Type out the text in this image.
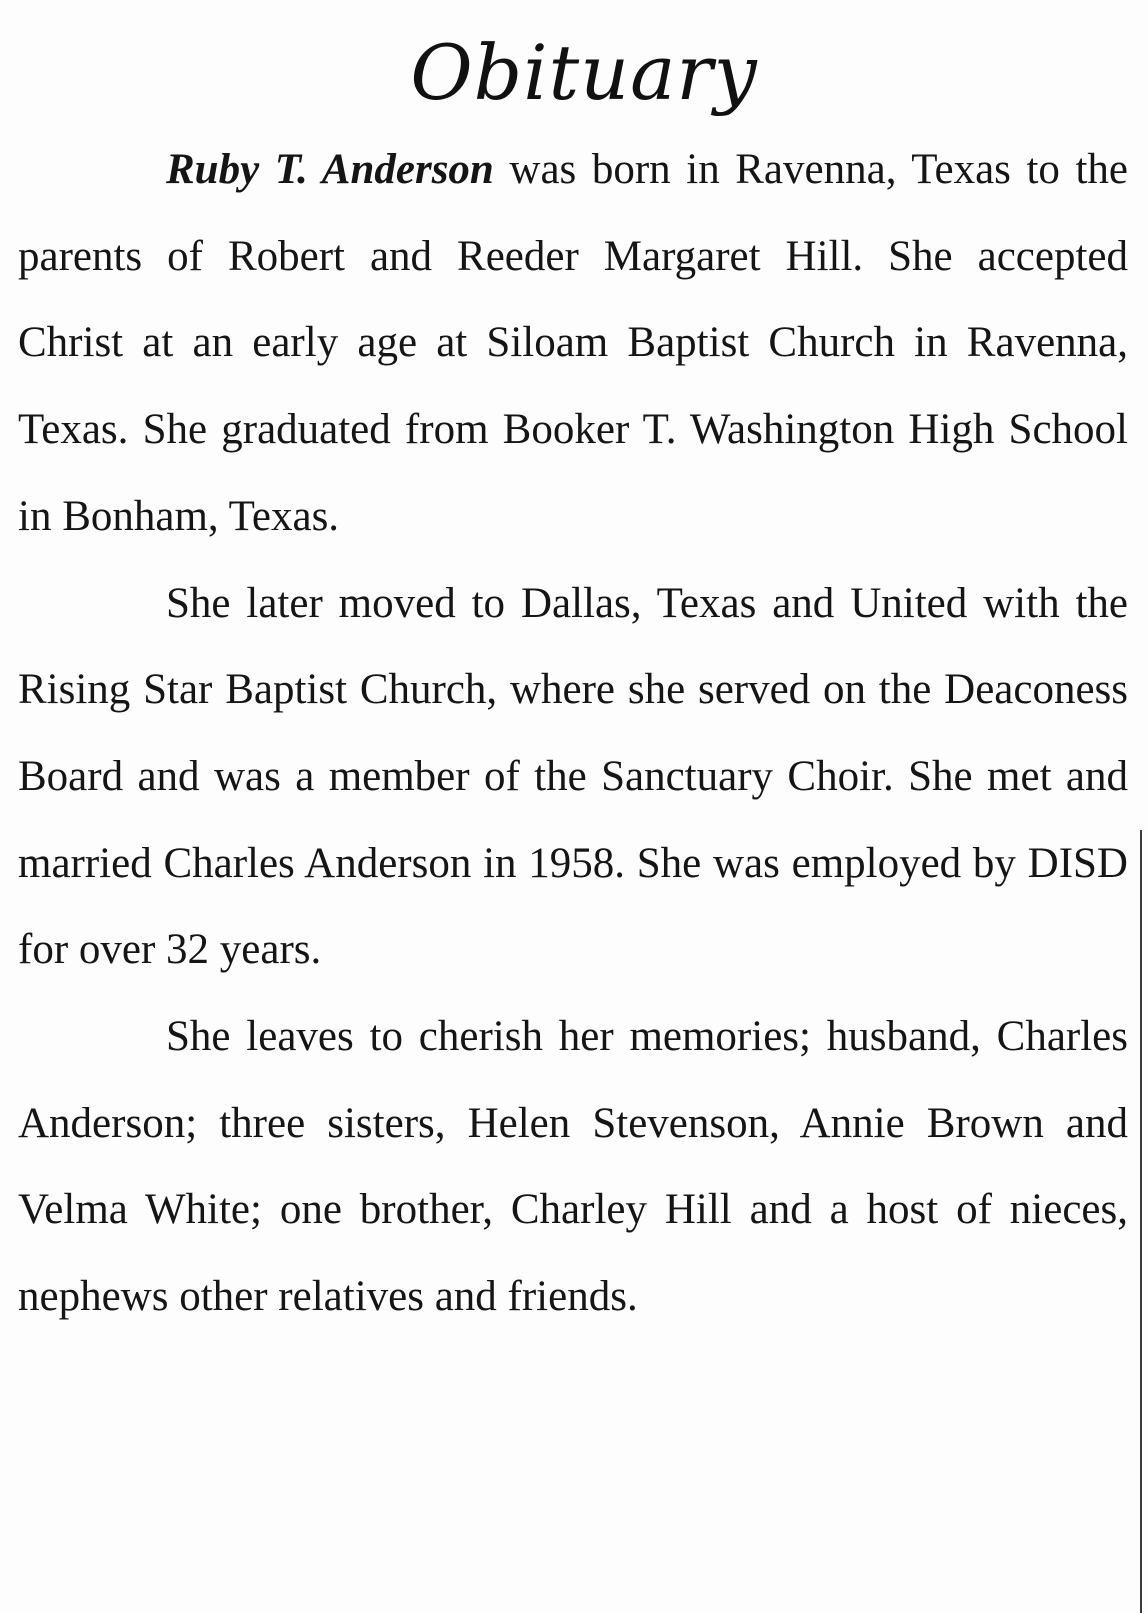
Obituary

Ruby T. Anderson was born in Ravenna, Texas to the parents of Robert and Reeder Margaret Hill. She accepted Christ at an early age at Siloam Baptist Church in Ravenna, Texas. She graduated from Booker T. Washington High School in Bonham, Texas.

She later moved to Dallas, Texas and United with the Rising Star Baptist Church, where she served on the Deaconess Board and was a member of the Sanctuary Choir. She met and married Charles Anderson in 1958. She was employed by DISD for over 32 years.

She leaves to cherish her memories; husband, Charles Anderson; three sisters, Helen Stevenson, Annie Brown and Velma White; one brother, Charley Hill and a host of nieces, nephews other relatives and friends.
